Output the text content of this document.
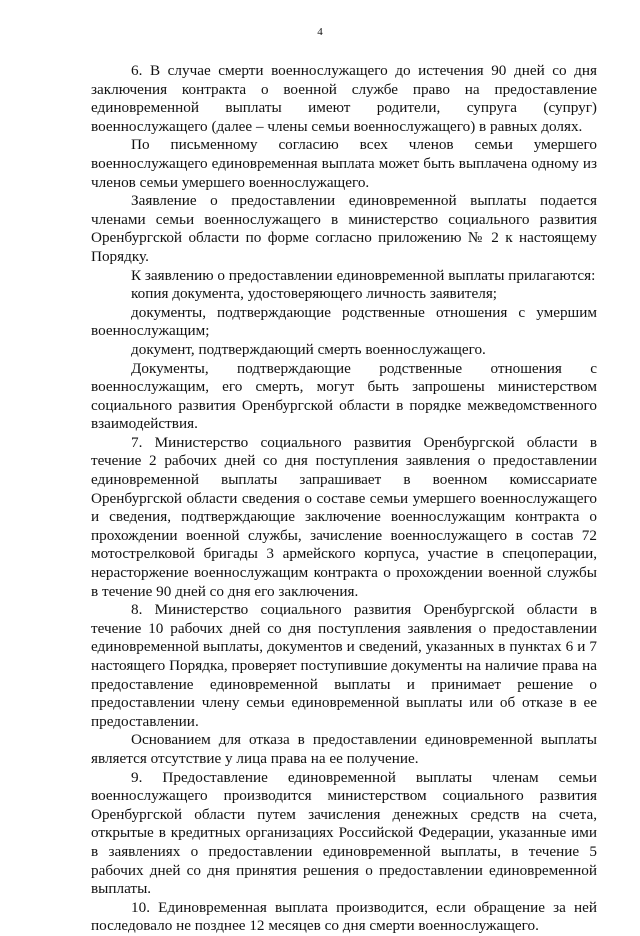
4

6. В случае смерти военнослужащего до истечения 90 дней со дня заключения контракта о военной службе право на предоставление единовременной выплаты имеют родители, супруга (супруг) военнослужащего (далее – члены семьи военнослужащего) в равных долях.

По письменному согласию всех членов семьи умершего военнослужащего единовременная выплата может быть выплачена одному из членов семьи умершего военнослужащего.

Заявление о предоставлении единовременной выплаты подается членами семьи военнослужащего в министерство социального развития Оренбургской области по форме согласно приложению № 2 к настоящему Порядку.

К заявлению о предоставлении единовременной выплаты прилагаются:

копия документа, удостоверяющего личность заявителя;

документы, подтверждающие родственные отношения с умершим военнослужащим;

документ, подтверждающий смерть военнослужащего.

Документы, подтверждающие родственные отношения с военнослужащим, его смерть, могут быть запрошены министерством социального развития Оренбургской области в порядке межведомственного взаимодействия.

7. Министерство социального развития Оренбургской области в течение 2 рабочих дней со дня поступления заявления о предоставлении единовременной выплаты запрашивает в военном комиссариате Оренбургской области сведения о составе семьи умершего военнослужащего и сведения, подтверждающие заключение военнослужащим контракта о прохождении военной службы, зачисление военнослужащего в состав 72 мотострелковой бригады 3 армейского корпуса, участие в спецоперации, нерасторжение военнослужащим контракта о прохождении военной службы в течение 90 дней со дня его заключения.

8. Министерство социального развития Оренбургской области в течение 10 рабочих дней со дня поступления заявления о предоставлении единовременной выплаты, документов и сведений, указанных в пунктах 6 и 7 настоящего Порядка, проверяет поступившие документы на наличие права на предоставление единовременной выплаты и принимает решение о предоставлении члену семьи единовременной выплаты или об отказе в ее предоставлении.

Основанием для отказа в предоставлении единовременной выплаты является отсутствие у лица права на ее получение.

9. Предоставление единовременной выплаты членам семьи военнослужащего производится министерством социального развития Оренбургской области путем зачисления денежных средств на счета, открытые в кредитных организациях Российской Федерации, указанные ими в заявлениях о предоставлении единовременной выплаты, в течение 5 рабочих дней со дня принятия решения о предоставлении единовременной выплаты.

10. Единовременная выплата производится, если обращение за ней последовало не позднее 12 месяцев со дня смерти военнослужащего.
